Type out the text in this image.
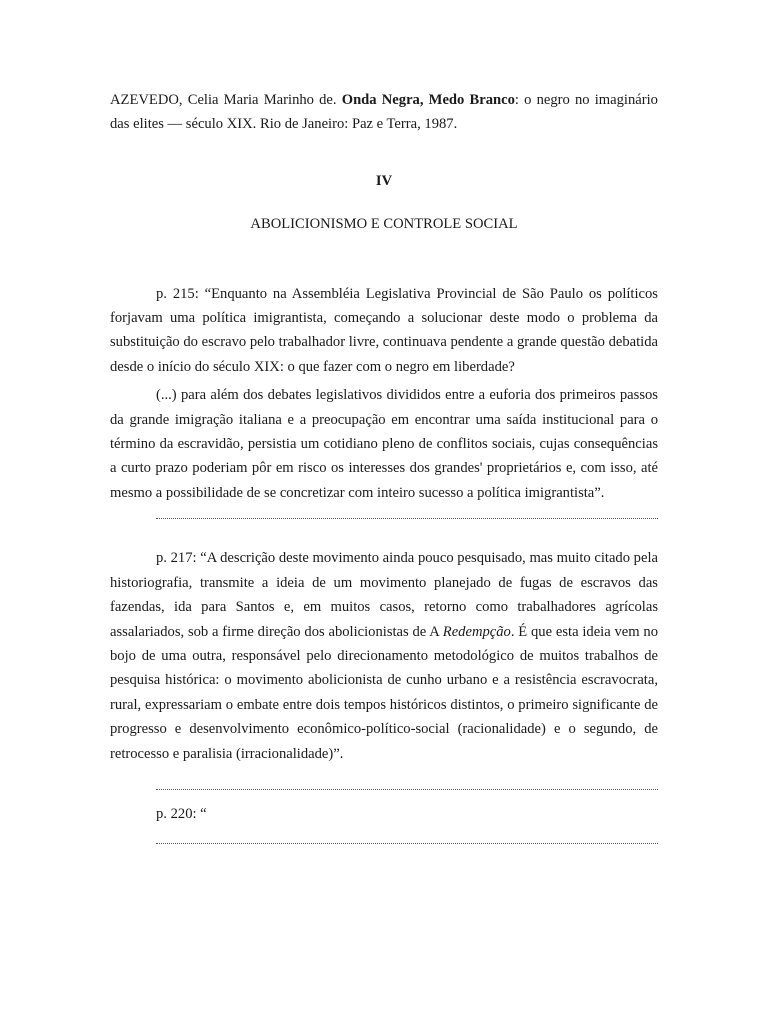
AZEVEDO, Celia Maria Marinho de. Onda Negra, Medo Branco: o negro no imaginário das elites — século XIX. Rio de Janeiro: Paz e Terra, 1987.

IV

ABOLICIONISMO E CONTROLE SOCIAL

p. 215: “Enquanto na Assembléia Legislativa Provincial de São Paulo os políticos forjavam uma política imigrantista, começando a solucionar deste modo o problema da substituição do escravo pelo trabalhador livre, continuava pendente a grande questão debatida desde o início do século XIX: o que fazer com o negro em liberdade?

(...) para além dos debates legislativos divididos entre a euforia dos primeiros passos da grande imigração italiana e a preocupação em encontrar uma saída institucional para o término da escravidão, persistia um cotidiano pleno de conflitos sociais, cujas consequências a curto prazo poderiam pôr em risco os interesses dos grandes' proprietários e, com isso, até mesmo a possibilidade de se concretizar com inteiro sucesso a política imigrantista”.

p. 217: “A descrição deste movimento ainda pouco pesquisado, mas muito citado pela historiografia, transmite a ideia de um movimento planejado de fugas de escravos das fazendas, ida para Santos e, em muitos casos, retorno como trabalhadores agrícolas assalariados, sob a firme direção dos abolicionistas de A Redempção. É que esta ideia vem no bojo de uma outra, responsável pelo direcionamento metodológico de muitos trabalhos de pesquisa histórica: o movimento abolicionista de cunho urbano e a resistência escravocrata, rural, expressariam o embate entre dois tempos históricos distintos, o primeiro significante de progresso e desenvolvimento econômico-político-social (racionalidade) e o segundo, de retrocesso e paralisia (irracionalidade)”.

p. 220: “
